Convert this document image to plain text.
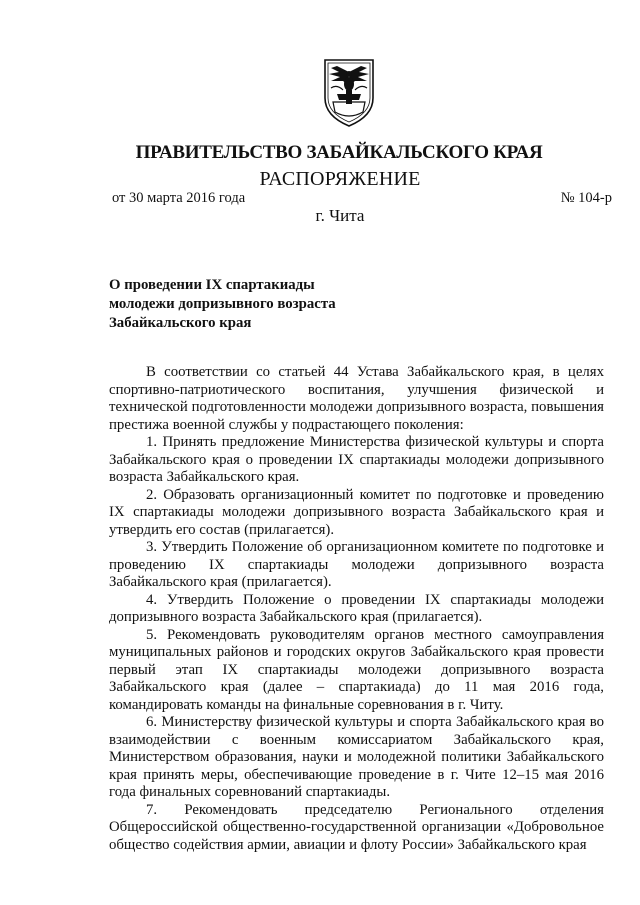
ПРАВИТЕЛЬСТВО ЗАБАЙКАЛЬСКОГО КРАЯ
РАСПОРЯЖЕНИЕ
от 30 марта 2016 года	№ 104-р
г. Чита
О проведении IX спартакиады
молодежи допризывного возраста
Забайкальского края

В соответствии со статьей 44 Устава Забайкальского края, в целях спортивно-патриотического воспитания, улучшения физической и технической подготовленности молодежи допризывного возраста, повышения престижа военной службы у подрастающего поколения:

1. Принять предложение Министерства физической культуры и спорта Забайкальского края о проведении IX спартакиады молодежи допризывного возраста Забайкальского края.

2. Образовать организационный комитет по подготовке и проведению IX спартакиады молодежи допризывного возраста Забайкальского края и утвердить его состав (прилагается).

3. Утвердить Положение об организационном комитете по подготовке и проведению IX спартакиады молодежи допризывного возраста Забайкальского края (прилагается).

4. Утвердить Положение о проведении IX спартакиады молодежи допризывного возраста Забайкальского края (прилагается).

5. Рекомендовать руководителям органов местного самоуправления муниципальных районов и городских округов Забайкальского края провести первый этап IX спартакиады молодежи допризывного возраста Забайкальского края (далее – спартакиада) до 11 мая 2016 года, командировать команды на финальные соревнования в г. Читу.

6. Министерству физической культуры и спорта Забайкальского края во взаимодействии с военным комиссариатом Забайкальского края, Министерством образования, науки и молодежной политики Забайкальского края принять меры, обеспечивающие проведение в г. Чите 12–15 мая 2016 года финальных соревнований спартакиады.

7. Рекомендовать председателю Регионального отделения Общероссийской общественно-государственной организации «Добровольное общество содействия армии, авиации и флоту России» Забайкальского края
